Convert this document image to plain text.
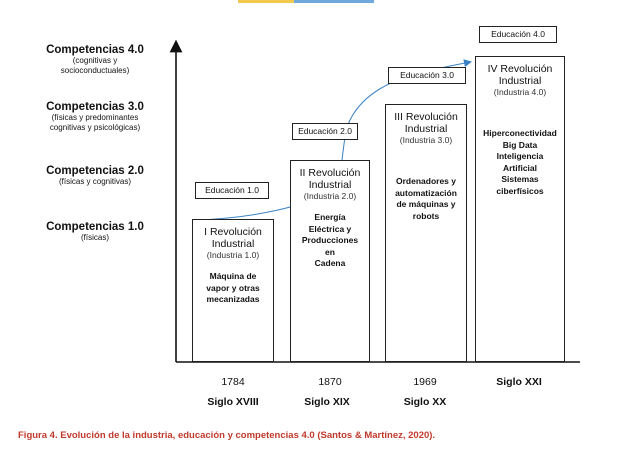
Competencias 4.0
(cognitivas y
socioconductuales)
Competencias 3.0
(físicas y predominantes
cognitivas y psicológicas)
Competencias 2.0
(físicas y cognitivas)
Competencias 1.0
(físicas)
Educación 1.0
Educación 2.0
Educación 3.0
Educación 4.0
I Revolución
Industrial
(Industria 1.0)
Máquina de
vapor y otras
mecanizadas
II Revolución
Industrial
(Industria 2.0)
Energía
Eléctrica y
Producciones
en
Cadena
III Revolución
Industrial
(Industria 3.0)
Ordenadores y
automatización
de máquinas y
robots
IV Revolución
Industrial
(Industria 4.0)
Hiperconectividad
Big Data
Inteligencia
Artificial
Sistemas
ciberfísicos
1784	1870	1969
Siglo XVIII	Siglo XIX	Siglo XX
Siglo XXI
Figura 4. Evolución de la industria, educación y competencias 4.0 (Santos & Martínez, 2020).
